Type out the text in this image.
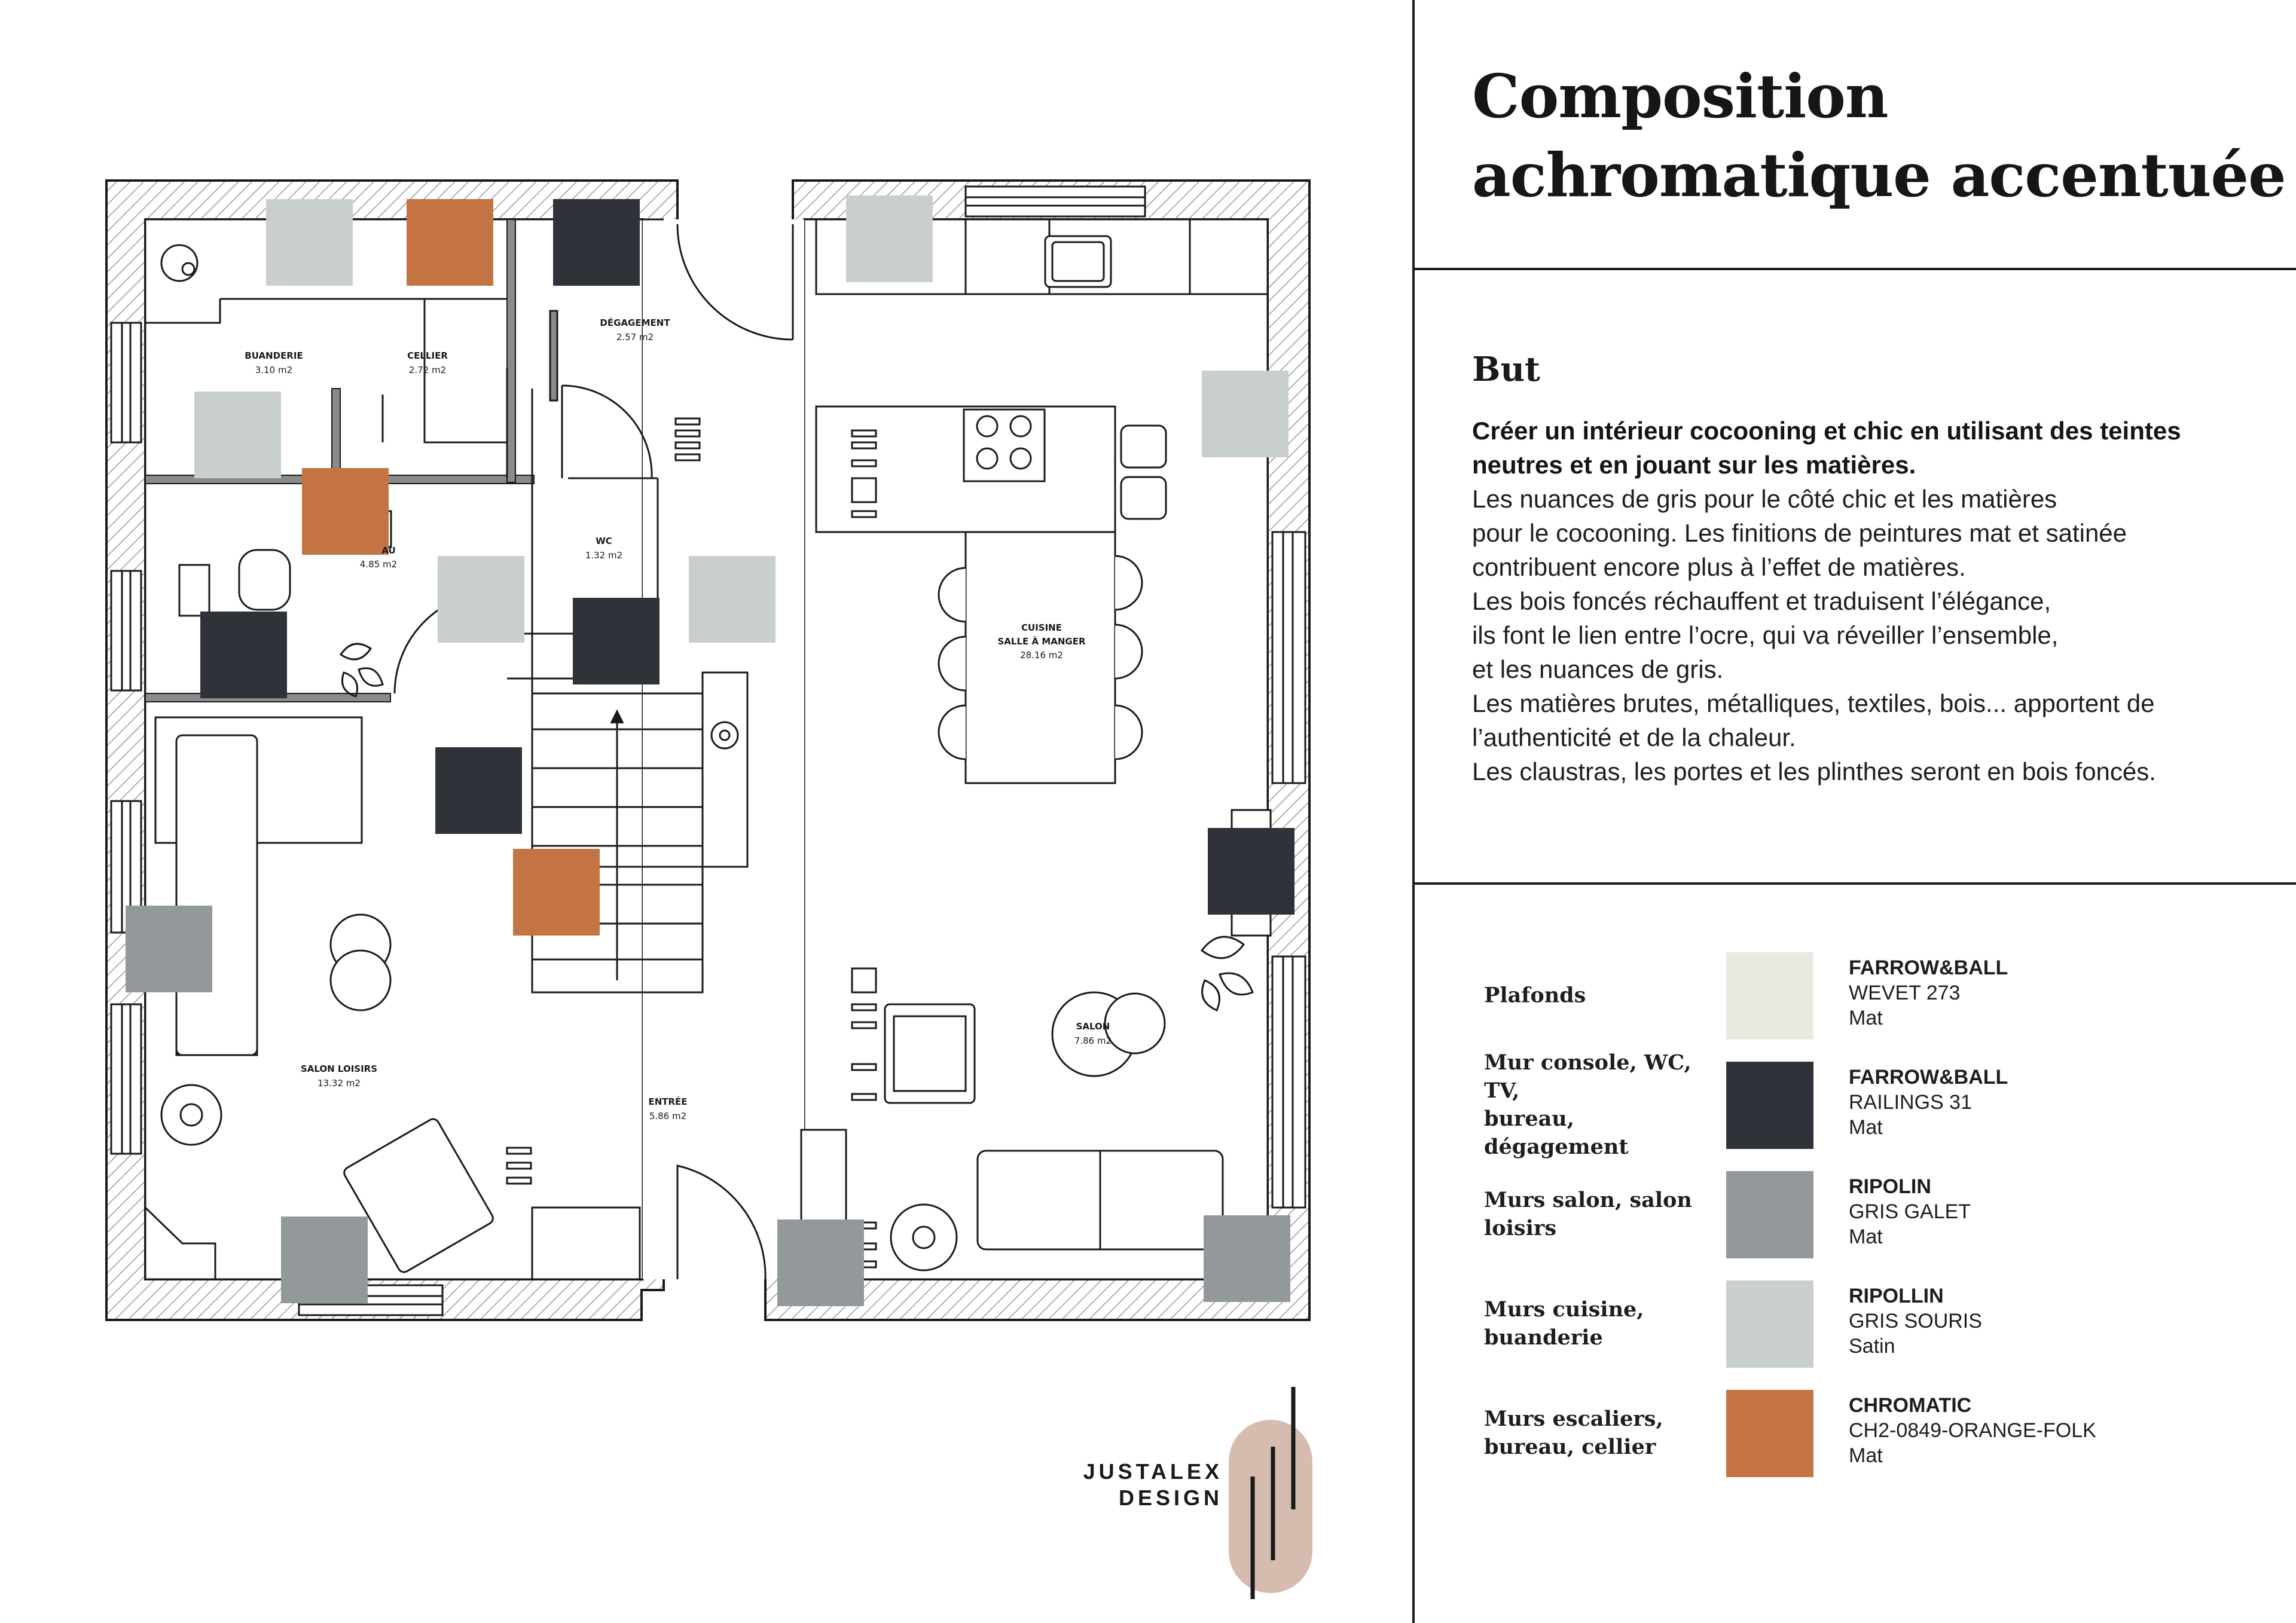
BUANDERIE
3.10 m2
CELLIER
2.72 m2
DÉGAGEMENT
2.57 m2
WC
1.32 m2
AU
4.85 m2
CUISINE
SALLE À MANGER
28.16 m2
SALON
7.86 m2
SALON LOISIRS
13.32 m2
ENTRÉE
5.86 m2
Composition
achromatique accentuée
But

Créer un intérieur cocooning et chic en utilisant des teintes

neutres et en jouant sur les matières.

Les nuances de gris pour le côté chic et les matières

pour le cocooning. Les finitions de peintures mat et satinée

contribuent encore plus à l’effet de matières.

Les bois foncés réchauffent et traduisent l’élégance,

ils font le lien entre l’ocre, qui va réveiller l’ensemble,

et les nuances de gris.

Les matières brutes, métalliques, textiles, bois... apportent de

l’authenticité et de la chaleur.

Les claustras, les portes et les plinthes seront en bois foncés.

Plafonds
FARROW&BALL
WEVET 273
Mat
Mur console, WC, TV,
bureau, dégagement
FARROW&BALL
RAILINGS 31
Mat
Murs salon, salon
loisirs
RIPOLIN
GRIS GALET
Mat
Murs cuisine,
buanderie
RIPOLLIN
GRIS SOURIS
Satin
Murs escaliers,
bureau, cellier
CHROMATIC
CH2-0849-ORANGE-FOLK
Mat
JUSTALEX
DESIGN
